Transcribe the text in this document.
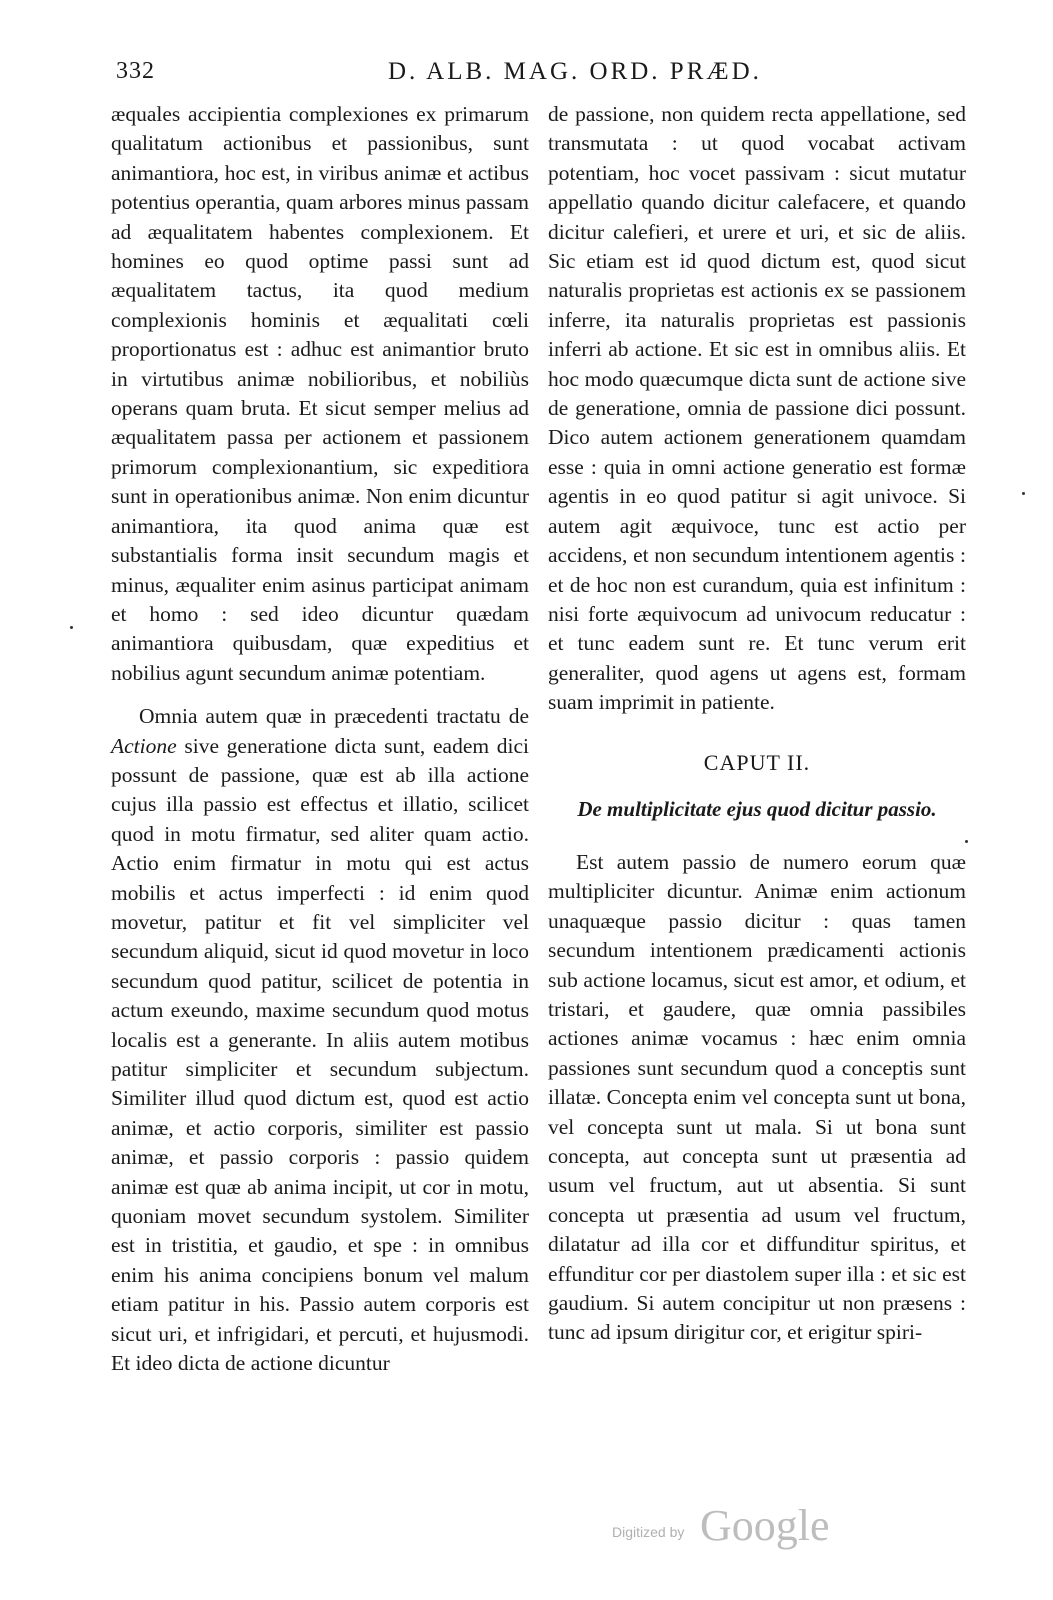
332	D. ALB. MAG. ORD. PRÆD.

æquales accipientia complexiones ex primarum qualitatum actionibus et passionibus, sunt animantiora, hoc est, in viribus animæ et actibus potentius operantia, quam arbores minus passam ad æqualitatem habentes complexionem. Et homines eo quod optime passi sunt ad æqualitatem tactus, ita quod medium complexionis hominis et æqualitati cœli proportionatus est : adhuc est animantior bruto in virtutibus animæ nobilioribus, et nobiliùs operans quam bruta. Et sicut semper melius ad æqualitatem passa per actionem et passionem primorum complexionantium, sic expeditiora sunt in operationibus animæ. Non enim dicuntur animantiora, ita quod anima quæ est substantialis forma insit secundum magis et minus, æqualiter enim asinus participat animam et homo : sed ideo dicuntur quædam animantiora quibusdam, quæ expeditius et nobilius agunt secundum animæ potentiam.

Omnia autem quæ in præcedenti tractatu de Actione sive generatione dicta sunt, eadem dici possunt de passione, quæ est ab illa actione cujus illa passio est effectus et illatio, scilicet quod in motu firmatur, sed aliter quam actio. Actio enim firmatur in motu qui est actus mobilis et actus imperfecti : id enim quod movetur, patitur et fit vel simpliciter vel secundum aliquid, sicut id quod movetur in loco secundum quod patitur, scilicet de potentia in actum exeundo, maxime secundum quod motus localis est a generante. In aliis autem motibus patitur simpliciter et secundum subjectum. Similiter illud quod dictum est, quod est actio animæ, et actio corporis, similiter est passio animæ, et passio corporis : passio quidem animæ est quæ ab anima incipit, ut cor in motu, quoniam movet secundum systolem. Similiter est in tristitia, et gaudio, et spe : in omnibus enim his anima concipiens bonum vel malum etiam patitur in his. Passio autem corporis est sicut uri, et infrigidari, et percuti, et hujusmodi. Et ideo dicta de actione dicuntur

de passione, non quidem recta appellatione, sed transmutata : ut quod vocabat activam potentiam, hoc vocet passivam : sicut mutatur appellatio quando dicitur calefacere, et quando dicitur calefieri, et urere et uri, et sic de aliis. Sic etiam est id quod dictum est, quod sicut naturalis proprietas est actionis ex se passionem inferre, ita naturalis proprietas est passionis inferri ab actione. Et sic est in omnibus aliis. Et hoc modo quæcumque dicta sunt de actione sive de generatione, omnia de passione dici possunt. Dico autem actionem generationem quamdam esse : quia in omni actione generatio est formæ agentis in eo quod patitur si agit univoce. Si autem agit æquivoce, tunc est actio per accidens, et non secundum intentionem agentis : et de hoc non est curandum, quia est infinitum : nisi forte æquivocum ad univocum reducatur : et tunc eadem sunt re. Et tunc verum erit generaliter, quod agens ut agens est, formam suam imprimit in patiente.

CAPUT II.

De multiplicitate ejus quod dicitur passio.

Est autem passio de numero eorum quæ multipliciter dicuntur. Animæ enim actionum unaquæque passio dicitur : quas tamen secundum intentionem prædicamenti actionis sub actione locamus, sicut est amor, et odium, et tristari, et gaudere, quæ omnia passibiles actiones animæ vocamus : hæc enim omnia passiones sunt secundum quod a conceptis sunt illatæ. Concepta enim vel concepta sunt ut bona, vel concepta sunt ut mala. Si ut bona sunt concepta, aut concepta sunt ut præsentia ad usum vel fructum, aut ut absentia. Si sunt concepta ut præsentia ad usum vel fructum, dilatatur ad illa cor et diffunditur spiritus, et effunditur cor per diastolem super illa : et sic est gaudium. Si autem concipitur ut non præsens : tunc ad ipsum dirigitur cor, et erigitur spiri-

Digitized by Google
